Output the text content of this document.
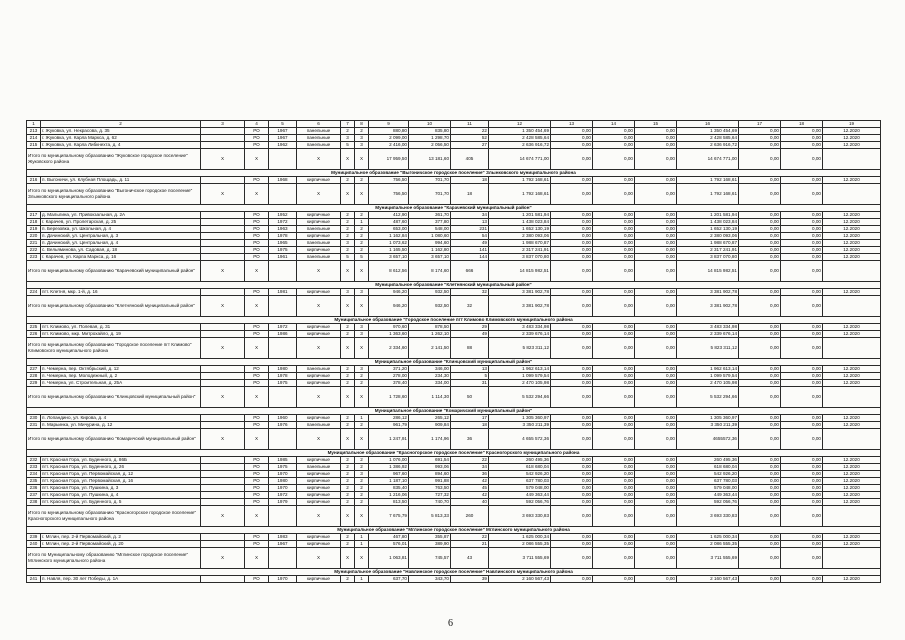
1	2	3	4	5	6	7	8	9	10	11	12	13	14	15	16	17	18	19
213	г. Жуковка, ул. Некрасова, д. 35		РО	1967	панельные	2	2	880,80	835,80	22	1 350 454,69	0,00	0,00	0,00	1 350 454,69	0,00	0,00	12.2020
214	г. Жуковка, ул. Карла Маркса, д. 62		РО	1967	панельные	3	3	2 099,00	1 298,70	52	2 428 585,64	0,00	0,00	0,00	2 428 585,64	0,00	0,00	12.2020
215	г. Жуковка, ул. Карла Либкнехта, д. 4		РО	1962	панельные	5	3	2 416,00	2 056,50	27	2 636 916,72	0,00	0,00	0,00	2 636 916,72	0,00	0,00	12.2020
Итого по муниципальному образованию "Жуковское городское поселение" Жуковского района		Х	Х		Х	Х	Х	17 959,50	13 181,60	405	14 674 771,00	0,00	0,00	0,00	14 674 771,00	0,00	0,00	
Муниципальное образование "Выгоничское городское поселение" Злынковского муниципального района																		
216	п. Выгоничи, ул. Клубная Площадь, д. 11		РО	1968	кирпичные	2	2	756,50	701,70	18	1 792 168,61	0,00	0,00	0,00	1 792 168,61	0,00	0,00	12.2020
Итого по муниципальному образованию "Выгоничское городское поселение" Злынковского муниципального района		Х	Х		Х	Х	Х	756,50	701,70	18	1 792 168,61	0,00	0,00	0,00	1 792 168,61	0,00	0,00	
Муниципальное образование "Карачевский муниципальный район"																		
217	д. Малыгина, ул. Привокзальная, д. 2А		РО	1952	кирпичные	2	2	412,90	361,70	34	1 201 581,94	0,00	0,00	0,00	1 201 581,94	0,00	0,00	12.2020
218	г. Карачев, ул. Пролетарская, д. 25		РО	1972	кирпичные	2	1	487,60	377,80	13	1 438 023,84	0,00	0,00	0,00	1 438 023,84	0,00	0,00	12.2020
219	п. Березовка, ул. Школьная, д. 4		РО	1963	панельные	2	2	653,00	548,00	231	1 652 130,19	0,00	0,00	0,00	1 652 130,19	0,00	0,00	12.2020
220	п. Дачинский, ул. Центральная, д. 3		РО	1978	кирпичные	2	2	1 162,84	1 080,60	54	2 380 093,06	0,00	0,00	0,00	2 380 093,06	0,00	0,00	12.2020
221	п. Дачинский, ул. Центральная, д. 4		РО	1965	панельные	3	2	1 073,62	994,60	49	1 988 670,87	0,00	0,00	0,00	1 988 670,87	0,00	0,00	12.2020
222	с. Вельяминова, ул. Садовая, д. 18		РО	1975	кирпичные	2	2	1 165,50	1 162,80	141	2 317 241,91	0,00	0,00	0,00	2 317 241,91	0,00	0,00	12.2020
223	г. Карачев, ул. Карла Маркса, д. 16		РО	1961	панельные	5	5	3 657,10	3 657,10	144	3 837 070,80	0,00	0,00	0,00	3 837 070,80	0,00	0,00	12.2020
Итого по муниципальному образованию "Карачевский муниципальный район"		Х	Х		Х	Х	Х	8 612,56	8 174,60	666	14 815 982,51	0,00	0,00	0,00	14 815 982,51	0,00	0,00	
Муниципальное образование "Клетнянский муниципальный район"																		
224	пгт. Клетня, мкр. 1-й, д. 16		РО	1981	кирпичные	3	3	946,20	932,50	32	3 381 902,78	0,00	0,00	0,00	3 381 902,78	0,00	0,00	12.2020
Итого по муниципальному образованию "Клетнянский муниципальный район"		Х	Х		Х	Х	Х	946,20	932,50	32	3 381 902,78	0,00	0,00	0,00	3 381 902,78	0,00	0,00	
Муниципальное образование "Городское поселение пгт Климово Климовского муниципального района																		
225	пгт. Климово, ул. Полевая, д. 31		РО	1972	кирпичные	2	3	970,60	878,50	29	3 483 334,98	0,00	0,00	0,00	3 483 334,98	0,00	0,00	12.2020
226	пгт. Климово, мкр. Митрохайло, д. 19		РО	1986	кирпичные	2	3	1 363,60	1 262,10	49	2 339 676,14	0,00	0,00	0,00	2 339 676,14	0,00	0,00	12.2020
Итого по муниципальному образованию "Городское поселение пгт Климово" Климовского муниципального района		Х	Х		Х	Х	Х	2 334,60	2 141,50	88	5 823 311,12	0,00	0,00	0,00	5 823 311,12	0,00	0,00	
Муниципальное образование "Клинцовский муниципальный район"																		
227	п. Чемерна, пер. Октябрьский, д. 12		РО	1980	панельные	2	3	371,20	346,00	13	1 962 613,14	0,00	0,00	0,00	1 962 613,14	0,00	0,00	12.2020
228	п. Чемерна, пер. Молодежный, д. 2		РО	1978	кирпичные	2	2	278,00	234,30	5	1 099 579,54	0,00	0,00	0,00	1 099 579,54	0,00	0,00	12.2020
229	п. Чемерна, ул. Строительная, д. 25А		РО	1975	кирпичные	2	2	378,40	334,00	31	2 470 105,98	0,00	0,00	0,00	2 470 105,98	0,00	0,00	12.2020
Итого по муниципальному образованию "Клинцовский муниципальный район"		Х	Х		Х	Х	Х	1 728,60	1 114,30	50	5 532 294,66	0,00	0,00	0,00	5 532 294,66	0,00	0,00	
Муниципальное образование "Комаричский муниципальный район"																		
230	п. Лопандино, ул. Кирова, д. 4		РО	1960	кирпичные	2	1	286,12	265,12	17	1 305 360,97	0,00	0,00	0,00	1 305 360,97	0,00	0,00	12.2020
231	п. Марьинка, ул. Мичурина, д. 12		РО	1976	панельные	2	2	961,79	909,84	18	3 350 211,39	0,00	0,00	0,00	3 350 211,39	0,00	0,00	12.2020
Итого по муниципальному образованию "Комаричский муниципальный район"		Х	Х		Х	Х	Х	1 247,91	1 174,96	36	4 655 572,36	0,00	0,00	0,00	4655572,36	0,00	0,00	
Муниципальное образование "Красногорское городское поселение" Красногорского муниципального района																		
232	пгт. Красная Гора, ул. Буденного, д. 86Б		РО	1985	кирпичные	2	2	1 076,00	691,54	22	260 495,36	0,00	0,00	0,00	260 495,36	0,00	0,00	12.2020
233	пгт. Красная Гора, ул. Буденного, д. 26		РО	1975	панельные	2	2	1 386,92	993,06	34	618 680,04	0,00	0,00	0,00	618 680,04	0,00	0,00	12.2020
234	пгт. Красная Гора, ул. Первомайская, д. 12		РО	1970	кирпичные	2	3	967,60	894,60	36	542 926,20	0,00	0,00	0,00	542 926,20	0,00	0,00	12.2020
235	пгт. Красная Гора, ул. Первомайская, д. 16		РО	1980	кирпичные	2	2	1 187,10	991,88	42	637 780,03	0,00	0,00	0,00	637 780,03	0,00	0,00	12.2020
236	пгт. Красная Гора, ул. Пушкина, д. 3		РО	1970	кирпичные	2	2	835,40	763,50	45	579 048,00	0,00	0,00	0,00	579 048,00	0,00	0,00	12.2020
237	пгт. Красная Гора, ул. Пушкина, д. 4		РО	1972	кирпичные	2	2	1 216,06	727,32	42	449 363,44	0,00	0,00	0,00	449 363,44	0,00	0,00	12.2020
238	пгт. Красная Гора, ул. Буденного, д. 5		РО	1979	кирпичные	2	2	813,50	740,70	40	592 056,76	0,00	0,00	0,00	592 056,76	0,00	0,00	12.2020
Итого по муниципальному образованию "Красногорское городское поселение" Красногорского муниципального района		Х	Х		Х	Х	Х	7 675,79	5 813,33	260	3 693 330,83	0,00	0,00	0,00	3 693 330,83	0,00	0,00	
Муниципальное образование "Мглинское городское поселение" Мглинского муниципального района																		
239	г. Мглин, пер. 2-й Первомайский, д. 2		РО	1983	кирпичные	2	1	467,80	355,87	22	1 625 000,34	0,00	0,00	0,00	1 625 000,34	0,00	0,00	12.2020
240	г. Мглин, пер. 2-й Первомайский, д. 20		РО	1967	кирпичные	2	1	576,01	389,90	21	2 086 555,35	0,00	0,00	0,00	2 086 555,35	0,00	0,00	12.2020
Итого по Муниципальному образованию "Мглинское городское поселение" Мглинского муниципального района		Х	Х		Х	Х	Х	1 063,81	745,57	43	3 711 555,69	0,00	0,00	0,00	3 711 555,69	0,00	0,00	
Муниципальное образование "Навлинское городское поселение" Навлинского муниципального района																		
241	п. Навля, пер. 30 лет Победы, д. 1А		РО	1970	кирпичные	2	1	637,70	343,70	39	2 160 567,43	0,00	0,00	0,00	2 160 567,43	0,00	0,00	12.2020
6
